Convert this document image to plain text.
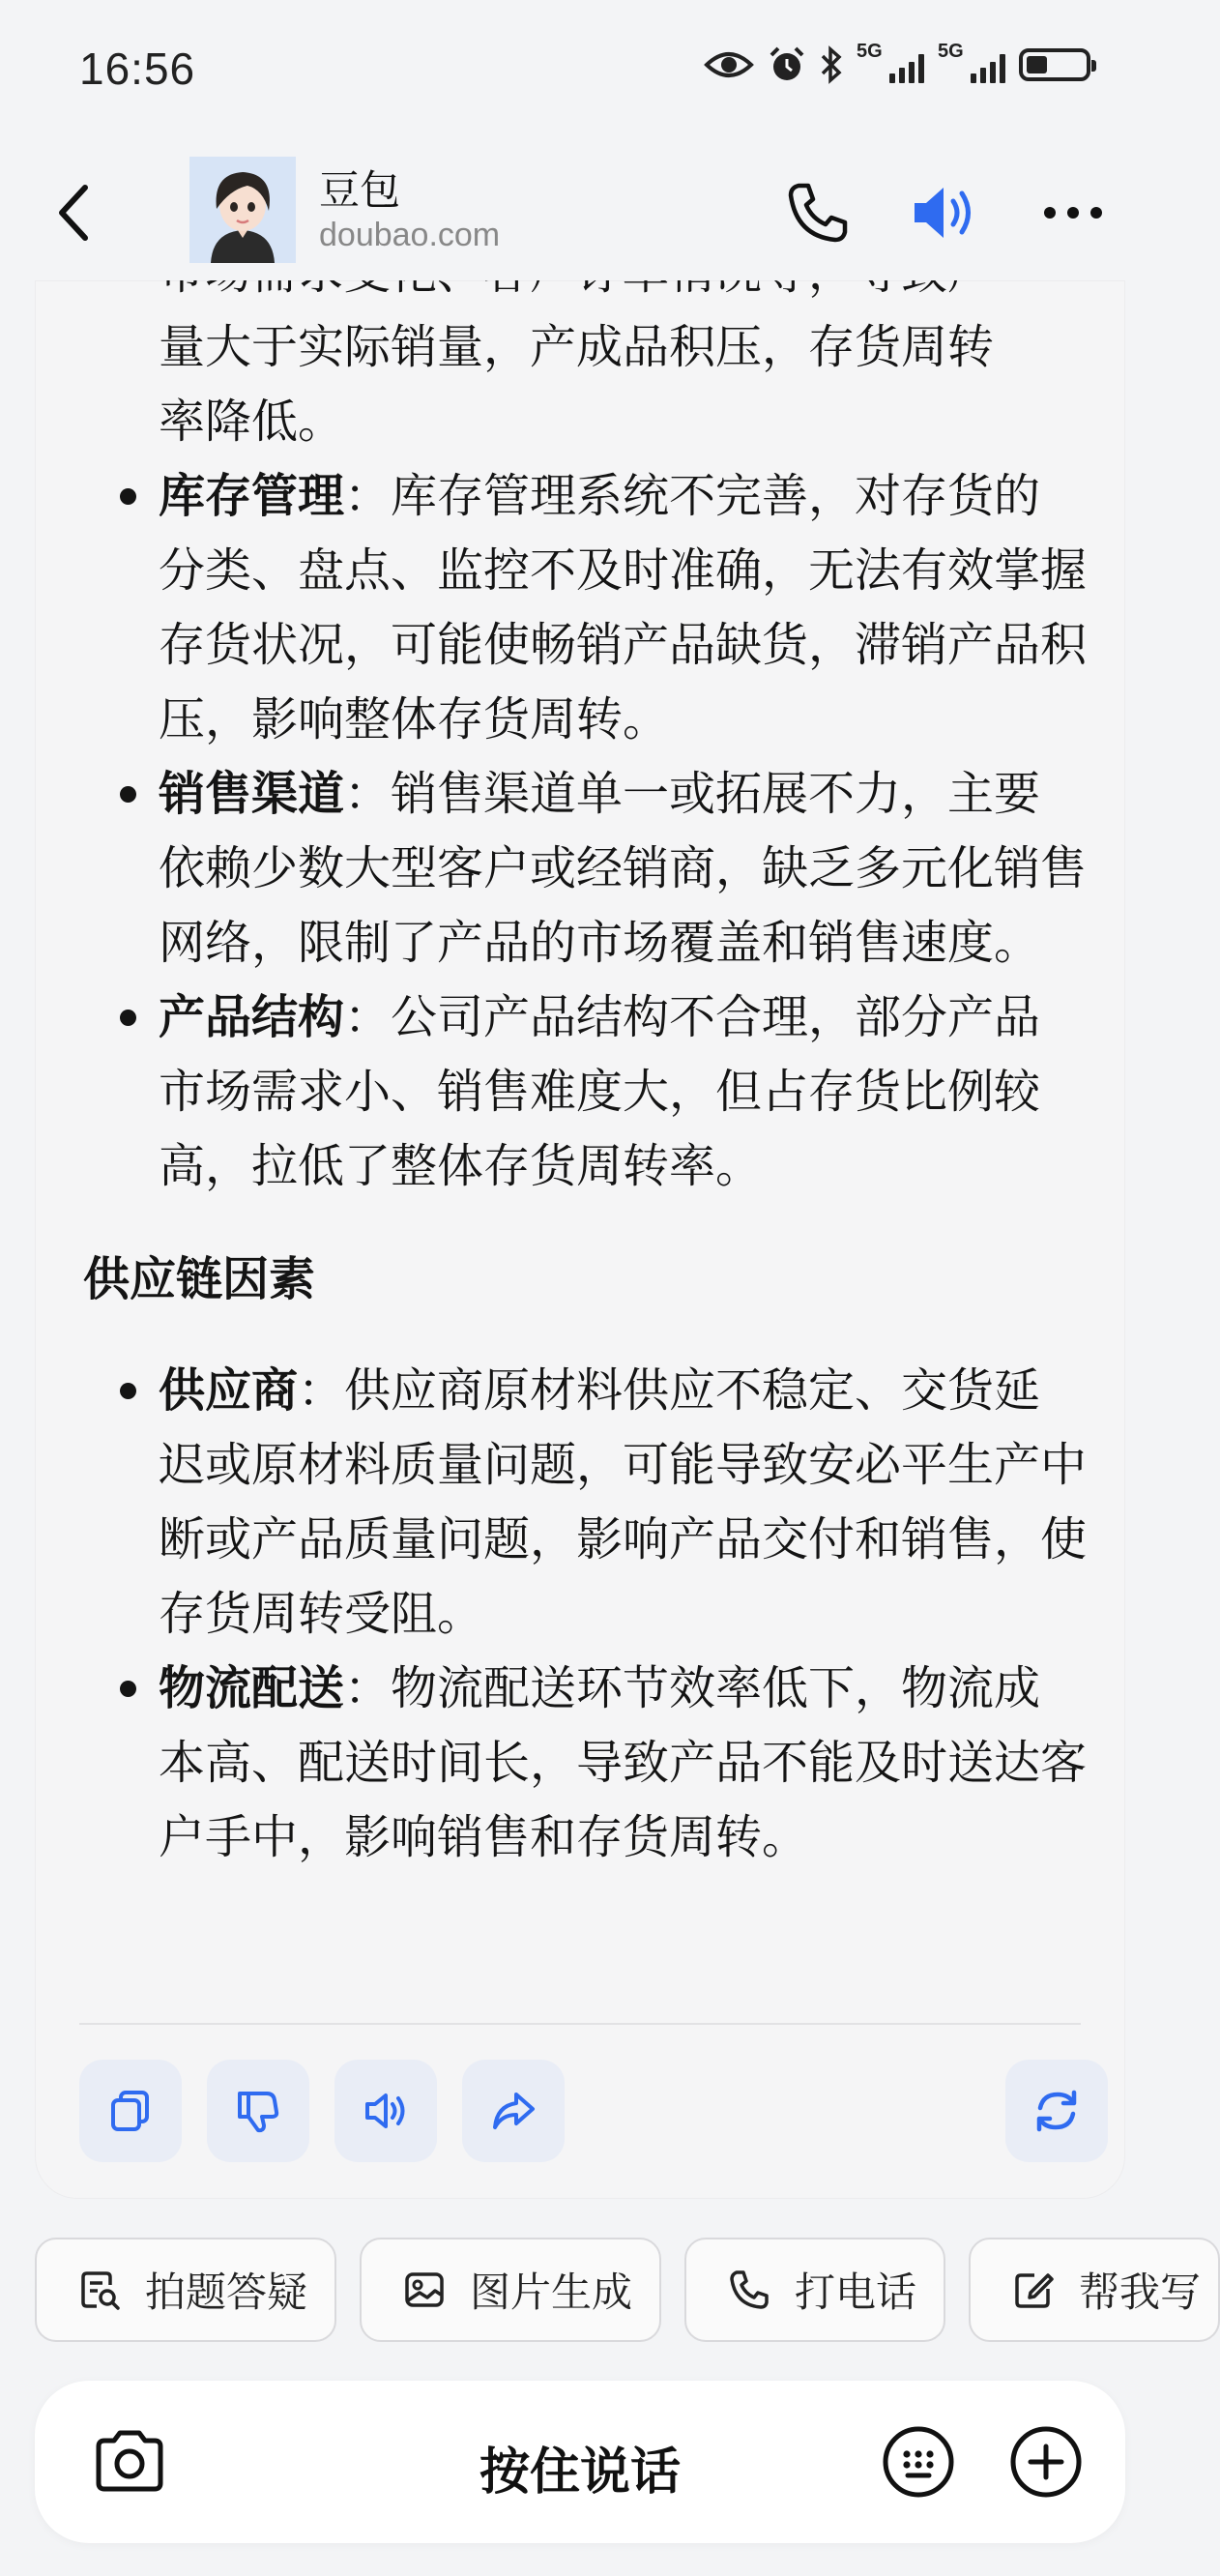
16:56	5G	5G
豆包
doubao.com

量大于实际销量，产成品积压，存货周转

率降低。

库存管理：库存管理系统不完善，对存货的分类、盘点、监控不及时准确，无法有效掌握存货状况，可能使畅销产品缺货，滞销产品积压，影响整体存货周转。

销售渠道：销售渠道单一或拓展不力，主要依赖少数大型客户或经销商，缺乏多元化销售网络，限制了产品的市场覆盖和销售速度。

产品结构：公司产品结构不合理，部分产品市场需求小、销售难度大，但占存货比例较高，拉低了整体存货周转率。

供应链因素

供应商：供应商原材料供应不稳定、交货延迟或原材料质量问题，可能导致安必平生产中断或产品质量问题，影响产品交付和销售，使存货周转受阻。

物流配送：物流配送环节效率低下，物流成本高、配送时间长，导致产品不能及时送达客户手中，影响销售和存货周转。

拍题答疑	图片生成	打电话	帮我写
按住说话
